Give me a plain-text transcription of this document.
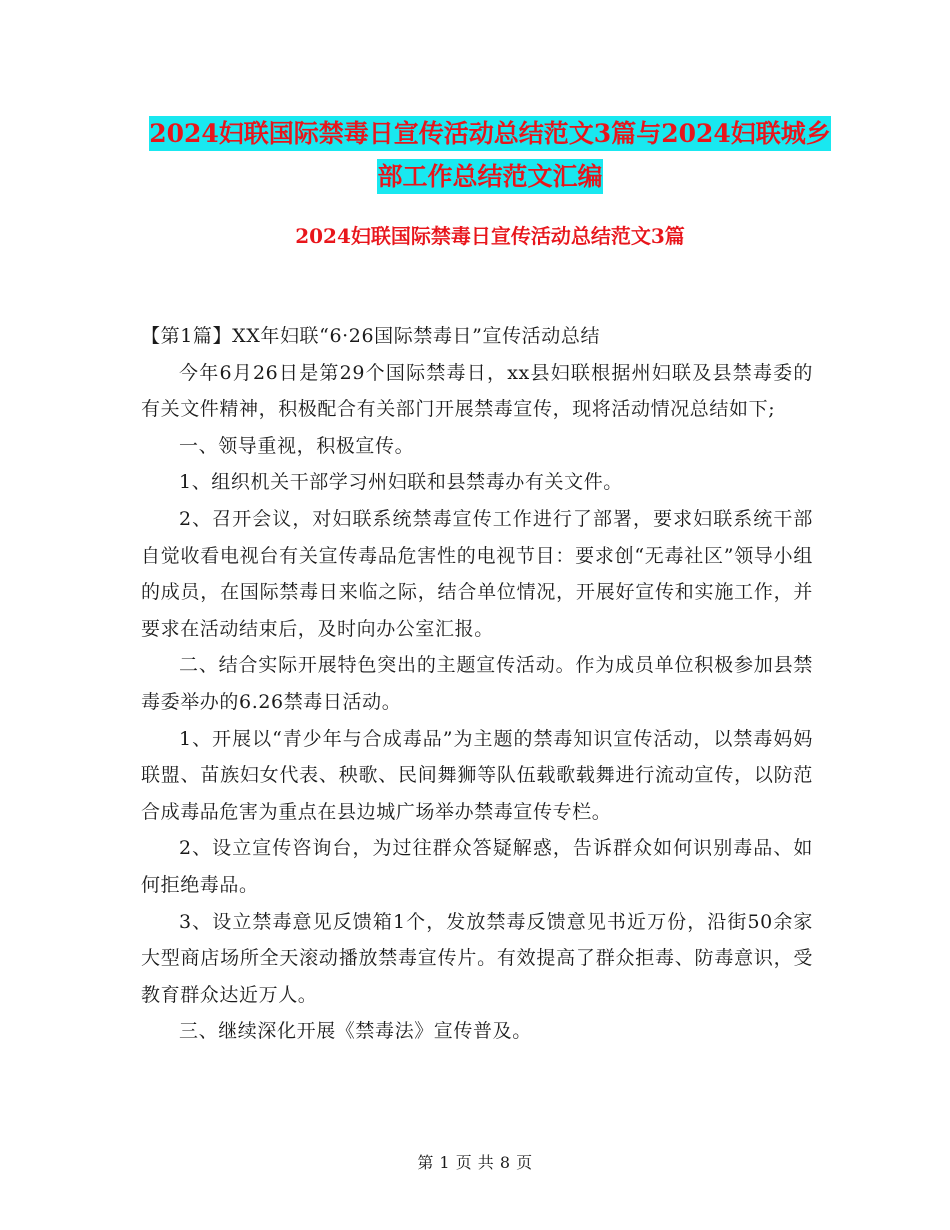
2024妇联国际禁毒日宣传活动总结范文3篇与2024妇联城乡部工作总结范文汇编
2024妇联国际禁毒日宣传活动总结范文3篇

【第1篇】XX年妇联“6·26国际禁毒日”宣传活动总结

今年6月26日是第29个国际禁毒日，xx县妇联根据州妇联及县禁毒委的有关文件精神，积极配合有关部门开展禁毒宣传，现将活动情况总结如下;

一、领导重视，积极宣传。

1、组织机关干部学习州妇联和县禁毒办有关文件。

2、召开会议，对妇联系统禁毒宣传工作进行了部署，要求妇联系统干部自觉收看电视台有关宣传毒品危害性的电视节目：要求创“无毒社区”领导小组的成员，在国际禁毒日来临之际，结合单位情况，开展好宣传和实施工作，并要求在活动结束后，及时向办公室汇报。

二、结合实际开展特色突出的主题宣传活动。作为成员单位积极参加县禁毒委举办的6.26禁毒日活动。

1、开展以“青少年与合成毒品”为主题的禁毒知识宣传活动，以禁毒妈妈联盟、苗族妇女代表、秧歌、民间舞狮等队伍载歌载舞进行流动宣传，以防范合成毒品危害为重点在县边城广场举办禁毒宣传专栏。

2、设立宣传咨询台，为过往群众答疑解惑，告诉群众如何识别毒品、如何拒绝毒品。

3、设立禁毒意见反馈箱1个，发放禁毒反馈意见书近万份，沿街50余家大型商店场所全天滚动播放禁毒宣传片。有效提高了群众拒毒、防毒意识，受教育群众达近万人。

三、继续深化开展《禁毒法》宣传普及。

第 1 页 共 8 页
